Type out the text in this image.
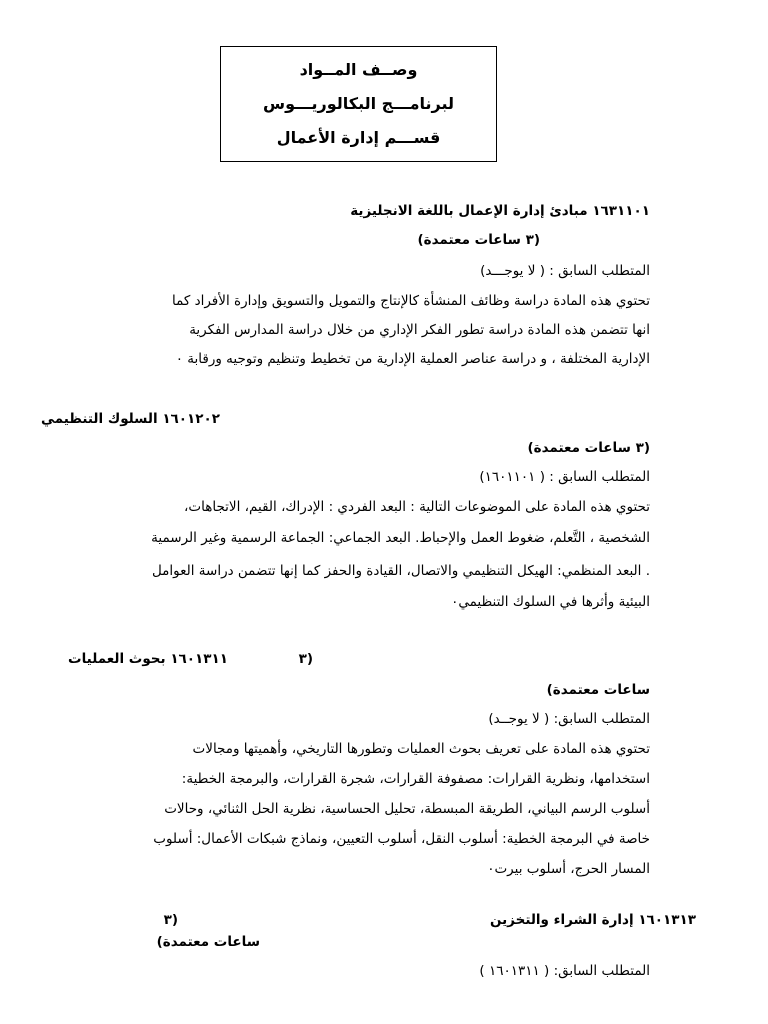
وصــف المــواد
لبرنامـــج البكالوريـــوس
قســـم إدارة الأعمال
١٦٣١١٠١ مبادئ إدارة الإعمال باللغة الانجليزية
(٣ ساعات معتمدة)
المتطلب السابق : ( لا يوجـــد)
تحتوي هذه المادة دراسة وظائف المنشأة كالإنتاج والتمويل والتسويق وإدارة الأفراد كما
انها تتضمن هذه المادة دراسة تطور الفكر الإداري من خلال دراسة المدارس الفكرية
الإدارية المختلفة ، و دراسة عناصر العملية الإدارية من تخطيط وتنظيم وتوجيه ورقابة ٠
١٦٠١٢٠٢ السلوك التنظيمي
(٣ ساعات معتمدة)
المتطلب السابق : ( ١٦٠١١٠١)
تحتوي هذه المادة على الموضوعات التالية : البعد الفردي : الإدراك، القيم، الاتجاهات،
الشخصية ، التَّعلم، ضغوط العمل والإحباط. البعد الجماعي: الجماعة الرسمية وغير الرسمية
. البعد المنظمي: الهيكل التنظيمي والاتصال، القيادة والحفز كما إنها تتضمن دراسة العوامل
البيئية وأثرها في السلوك التنظيمي٠
١٦٠١٣١١ بحوث العمليات	(٣
ساعات معتمدة)
المتطلب السابق: ( لا يوجــد)
تحتوي هذه المادة على تعريف بحوث العمليات وتطورها التاريخي، وأهميتها ومجالات
استخدامها، ونظرية القرارات: مصفوفة القرارات، شجرة القرارات، والبرمجة الخطية:
أسلوب الرسم البياني، الطريقة المبسطة، تحليل الحساسية، نظرية الحل الثنائي، وحالات
خاصة في البرمجة الخطية: أسلوب النقل، أسلوب التعيين، ونماذج شبكات الأعمال: أسلوب
المسار الحرج، أسلوب بيرت٠
١٦٠١٣١٣ إدارة الشراء والتخزين
(٣
ساعات معتمدة)
المتطلب السابق: ( ١٦٠١٣١١ )
